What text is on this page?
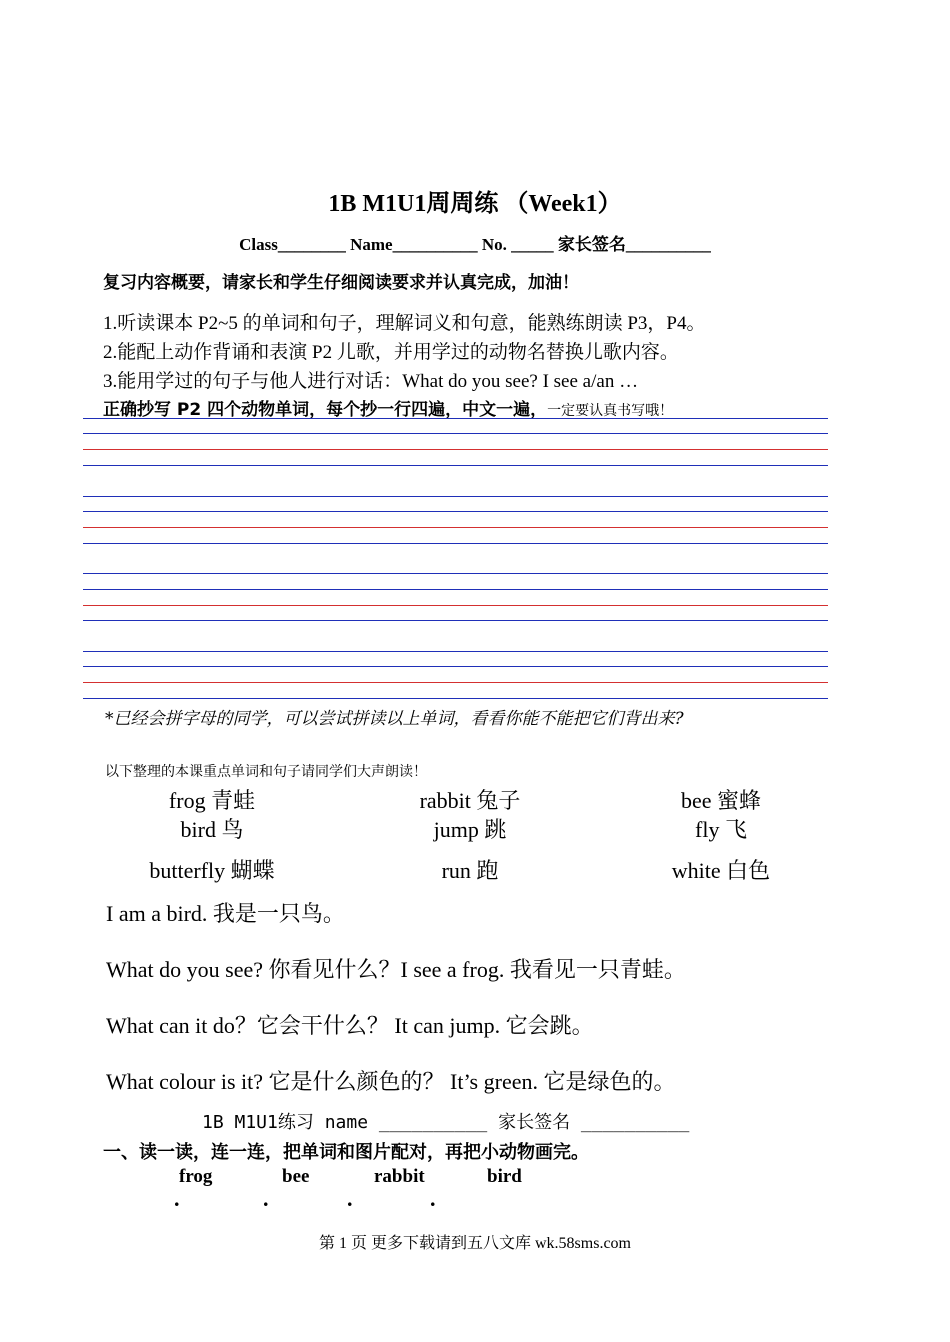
1B M1U1周周练 （Week1）
Class________ Name__________ No. _____ 家长签名__________
复习内容概要，请家长和学生仔细阅读要求并认真完成，加油！
1.听读课本 P2~5 的单词和句子，理解词义和句意，能熟练朗读 P3，P4。
2.能配上动作背诵和表演 P2 儿歌，并用学过的动物名替换儿歌内容。
3.能用学过的句子与他人进行对话：What do you see? I see a/an …
正确抄写 P2 四个动物单词，每个抄一行四遍，中文一遍，一定要认真书写哦！
*已经会拼字母的同学，可以尝试拼读以上单词，看看你能不能把它们背出来?
以下整理的本课重点单词和句子请同学们大声朗读！
frog 青蛙	rabbit 兔子	bee 蜜蜂
bird 鸟	jump 跳	fly 飞
butterfly 蝴蝶	run 跑	white 白色
I am a bird. 我是一只鸟。
What do you see? 你看见什么？I see a frog. 我看见一只青蛙。
What can it do？它会干什么？ It can jump. 它会跳。
What colour is it? 它是什么颜色的？ It’s green. 它是绿色的。
1B M1U1练习 name __________ 家长签名 __________
一、读一读，连一连，把单词和图片配对，再把小动物画完。
frog	bee	rabbit	bird
.	.	.	.
第 1 页 更多下载请到五八文库 wk.58sms.com
